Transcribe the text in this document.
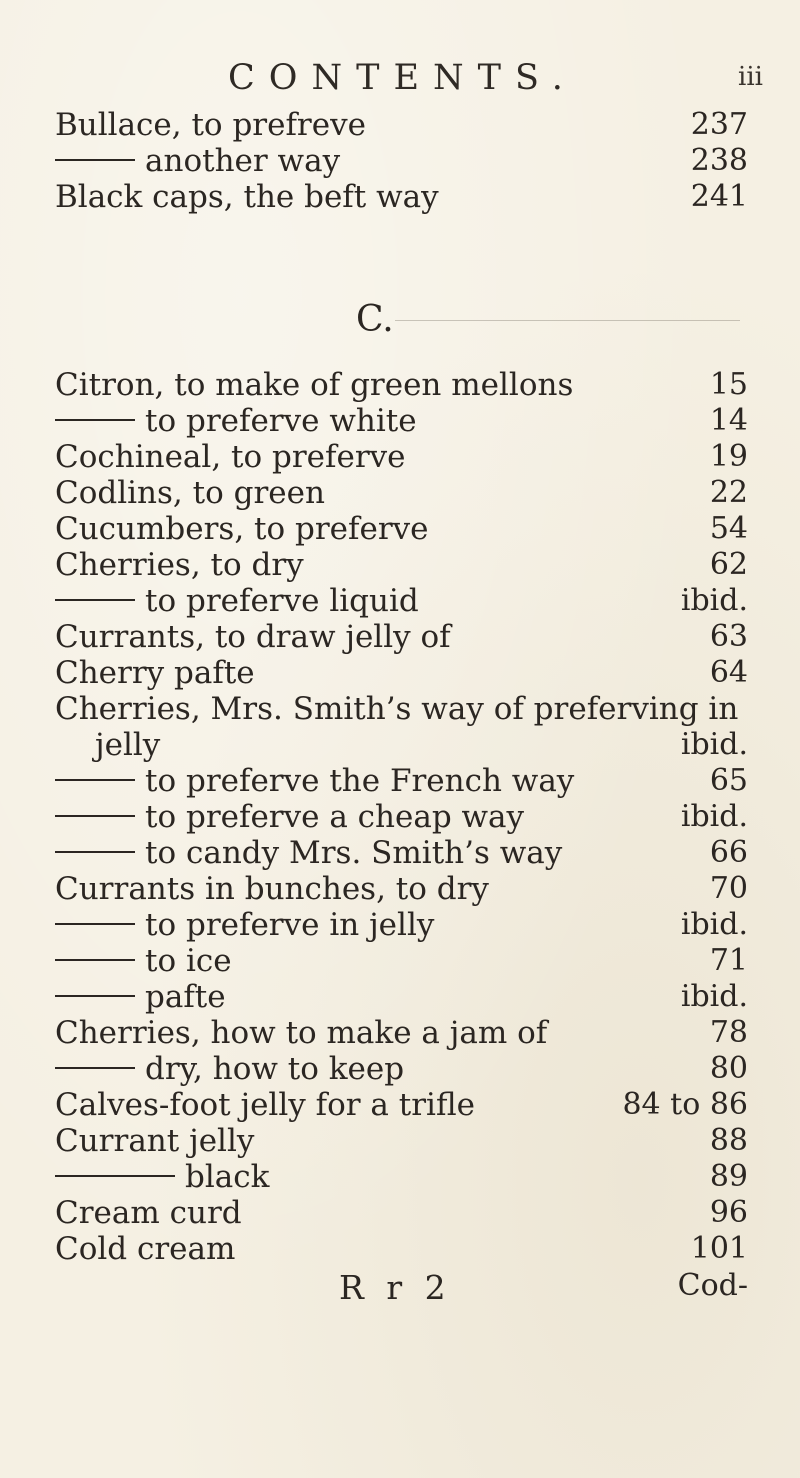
CONTENTS.	iii
Bullace, to prefreve	237
another way	238
Black caps, the beft way	241
C.
Citron, to make of green mellons	15
to preferve white	14
Cochineal, to preferve	19
Codlins, to green	22
Cucumbers, to preferve	54
Cherries, to dry	62
to preferve liquid	ibid.
Currants, to draw jelly of	63
Cherry pafte	64
Cherries, Mrs. Smith’s way of preferving in
jelly	ibid.
to preferve the French way	65
to preferve a cheap way	ibid.
to candy Mrs. Smith’s way	66
Currants in bunches, to dry	70
to preferve in jelly	ibid.
to ice	71
pafte	ibid.
Cherries, how to make a jam of	78
dry, how to keep	80
Calves-foot jelly for a trifle	84 to 86
Currant jelly	88
black	89
Cream curd	96
Cold cream	101
R r 2	Cod-
